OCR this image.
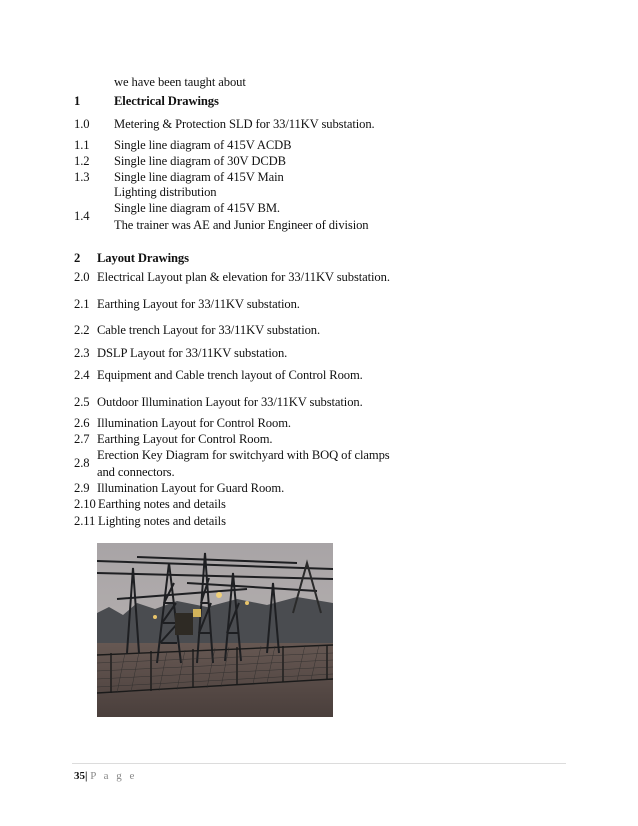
we have been taught about
1	Electrical Drawings
1.0 Metering & Protection SLD for 33/11KV substation.
1.1 Single line diagram of 415V ACDB
1.2 Single line diagram of 30V DCDB
1.3 Single line diagram of 415V Main
Lighting distribution
1.4
Single line diagram of 415V BM.
The trainer was AE and Junior Engineer of division
2 Layout Drawings
2.0 Electrical Layout plan & elevation for 33/11KV substation.
2.1 Earthing Layout for 33/11KV substation.
2.2 Cable trench Layout for 33/11KV substation.
2.3 DSLP Layout for 33/11KV substation.
2.4 Equipment and Cable trench layout of Control Room.
2.5 Outdoor Illumination Layout for 33/11KV substation.
2.6 Illumination Layout for Control Room.
2.7 Earthing Layout for Control Room.
2.8
Erection Key Diagram for switchyard with BOQ of clamps
and connectors.
2.9 Illumination Layout for Guard Room.
2.10 Earthing notes and details
2.11 Lighting notes and details
35| P a g e
